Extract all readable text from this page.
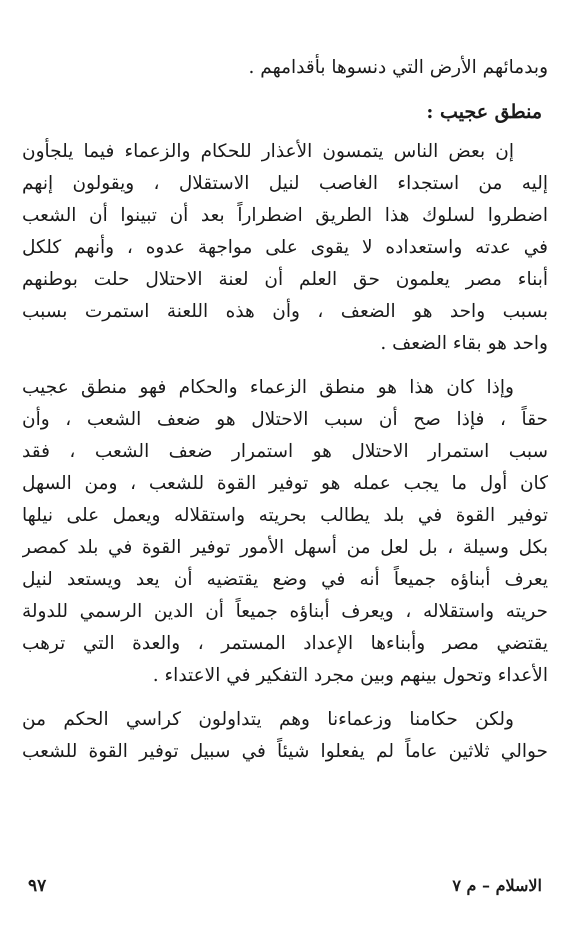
وبدمائهم الأرض التي دنسوها بأقدامهم .
منطق عجيب :
إن بعض الناس يتمسون الأعذار للحكام والزعماء فيما يلجأون
إليه من استجداء الغاصب لنيل الاستقلال ، ويقولون إنهم
اضطروا لسلوك هذا الطريق اضطراراً بعد أن تبينوا أن الشعب
في عدته واستعداده لا يقوى على مواجهة عدوه ، وأنهم كلكل
أبناء مصر يعلمون حق العلم أن لعنة الاحتلال حلت بوطنهم
بسبب واحد هو الضعف ، وأن هذه اللعنة استمرت بسبب
واحد هو بقاء الضعف .
وإذا كان هذا هو منطق الزعماء والحكام فهو منطق عجيب
حقاً ، فإذا صح أن سبب الاحتلال هو ضعف الشعب ، وأن
سبب استمرار الاحتلال هو استمرار ضعف الشعب ، فقد
كان أول ما يجب عمله هو توفير القوة للشعب ، ومن السهل
توفير القوة في بلد يطالب بحريته واستقلاله ويعمل على نيلها
بكل وسيلة ، بل لعل من أسهل الأمور توفير القوة في بلد كمصر
يعرف أبناؤه جميعاً أنه في وضع يقتضيه أن يعد ويستعد لنيل
حريته واستقلاله ، ويعرف أبناؤه جميعاً أن الدين الرسمي للدولة
يقتضي مصر وأبناءها الإعداد المستمر ، والعدة التي ترهب
الأعداء وتحول بينهم وبين مجرد التفكير في الاعتداء .
ولكن حكامنا وزعماءنا وهم يتداولون كراسي الحكم من
حوالي ثلاثين عاماً لم يفعلوا شيئاً في سبيل توفير القوة للشعب
الاسلام – م ٧
٩٧
